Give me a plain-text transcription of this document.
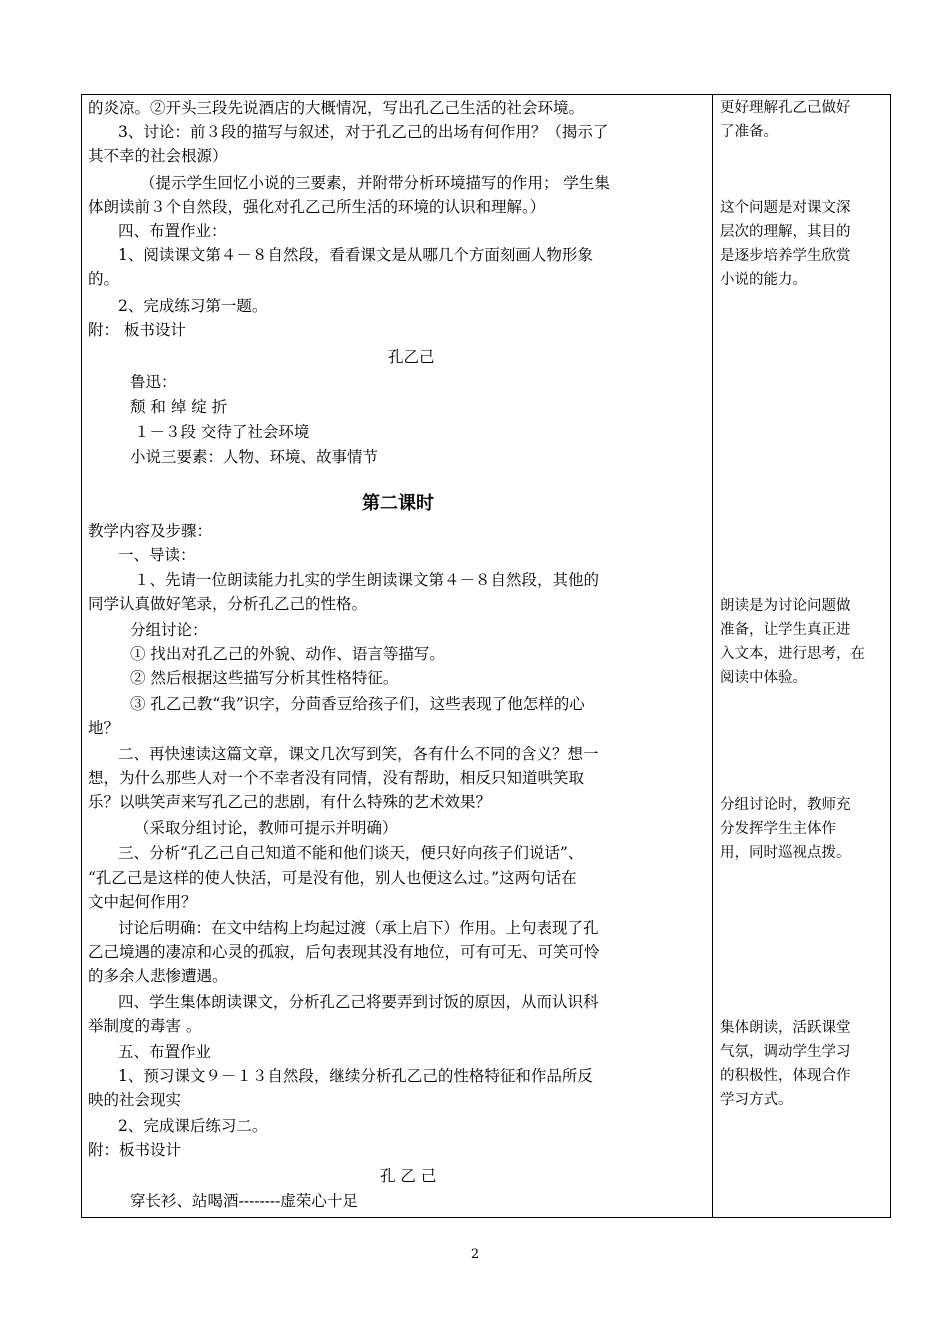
的炎凉。②开头三段先说酒店的大概情况，写出孔乙己生活的社会环境。
3、讨论：前３段的描写与叙述，对于孔乙己的出场有何作用？（揭示了
其不幸的社会根源）
（提示学生回忆小说的三要素，并附带分析环境描写的作用； 学生集
体朗读前３个自然段，强化对孔乙己所生活的环境的认识和理解。）
四、布置作业：
1、阅读课文第４－８自然段，看看课文是从哪几个方面刻画人物形象
的。
2、完成练习第一题。
附： 板书设计
孔乙己
鲁迅：
颓 和 绰 绽 折
１－３段 交待了社会环境
小说三要素：人物、环境、故事情节
教学内容及步骤：
一、导读：
１、先请一位朗读能力扎实的学生朗读课文第４－８自然段，其他的
同学认真做好笔录，分析孔乙己的性格。
分组讨论：
① 找出对孔乙己的外貌、动作、语言等描写。
② 然后根据这些描写分析其性格特征。
③ 孔乙己教“我”识字，分茴香豆给孩子们，这些表现了他怎样的心
地？
二、再快速读这篇文章，课文几次写到笑，各有什么不同的含义？想一
想，为什么那些人对一个不幸者没有同情，没有帮助，相反只知道哄笑取
乐？以哄笑声来写孔乙己的悲剧，有什么特殊的艺术效果？
（采取分组讨论，教师可提示并明确）
三、分析“孔乙己自己知道不能和他们谈天，便只好向孩子们说话”、
“孔乙己是这样的使人快活，可是没有他，别人也便这么过。”这两句话在
文中起何作用？
讨论后明确：在文中结构上均起过渡（承上启下）作用。上句表现了孔
乙己境遇的凄凉和心灵的孤寂，后句表现其没有地位，可有可无、可笑可怜
的多余人悲惨遭遇。
四、学生集体朗读课文，分析孔乙己将要弄到讨饭的原因，从而认识科
举制度的毒害 。
五、布置作业
1、预习课文９－１３自然段，继续分析孔乙己的性格特征和作品所反
映的社会现实
2、完成课后练习二。
附：板书设计
孔 乙 己
穿长衫、站喝酒--------虚荣心十足
第二课时
更好理解孔乙己做好
了准备。
这个问题是对课文深
层次的理解，其目的
是逐步培养学生欣赏
小说的能力。
朗读是为讨论问题做
准备，让学生真正进
入文本，进行思考，在
阅读中体验。
分组讨论时，教师充
分发挥学生主体作
用，同时巡视点拨。
集体朗读，活跃课堂
气氛，调动学生学习
的积极性，体现合作
学习方式。
2
